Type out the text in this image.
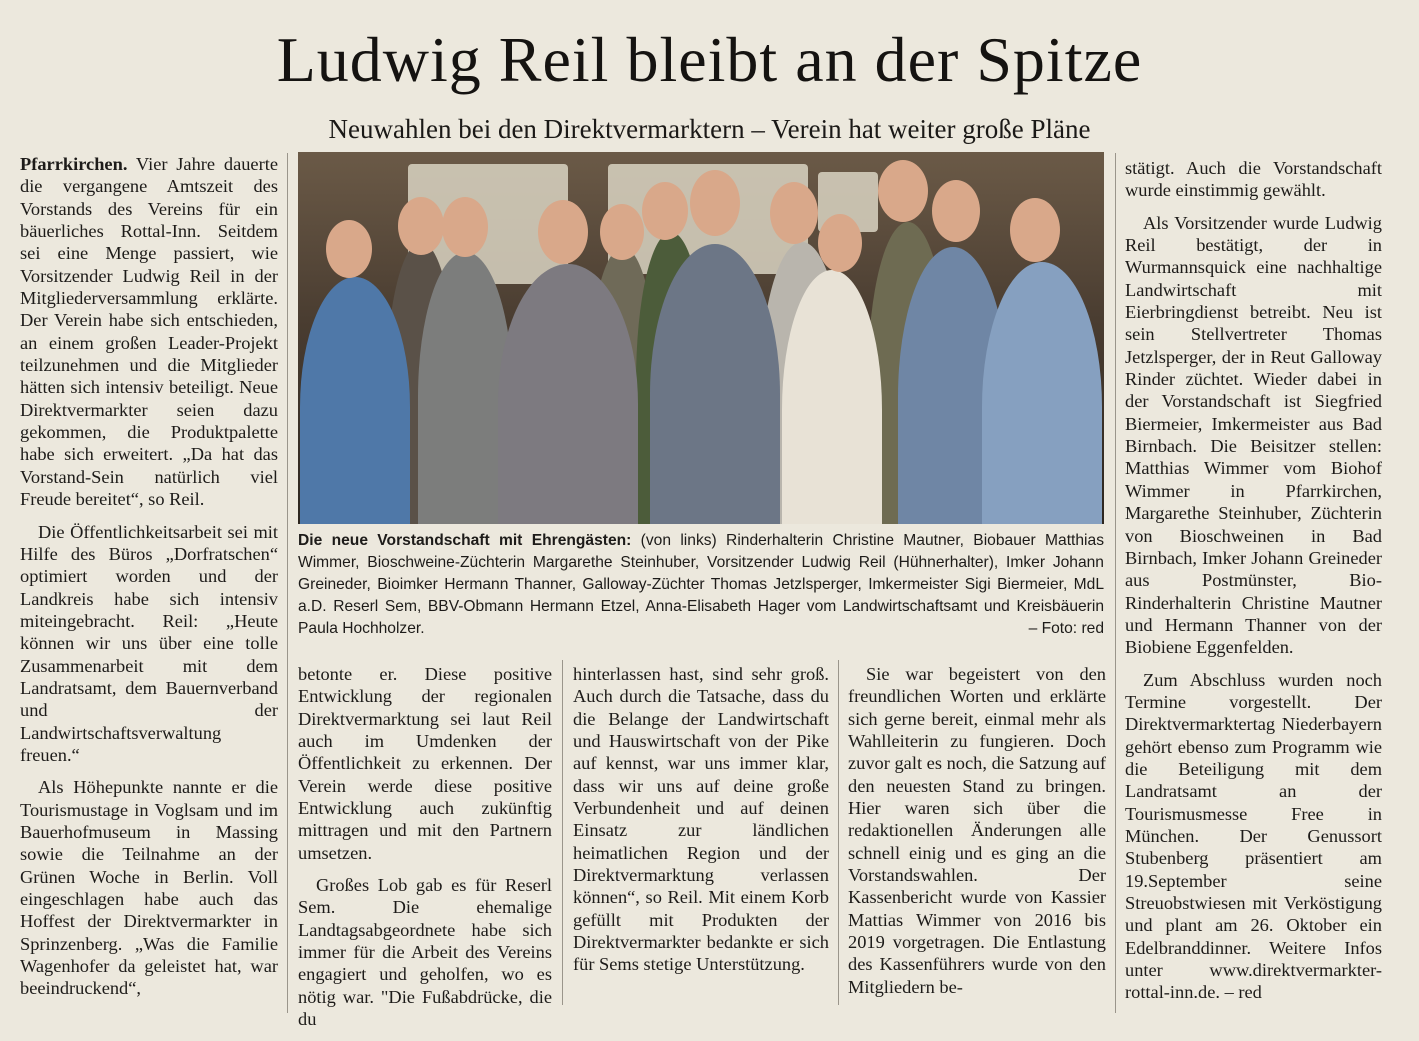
Ludwig Reil bleibt an der Spitze
Neuwahlen bei den Direktvermarktern – Verein hat weiter große Pläne

Pfarrkirchen. Vier Jahre dauerte die vergangene Amtszeit des Vorstands des Vereins für ein bäuerliches Rottal-Inn. Seitdem sei eine Menge passiert, wie Vorsitzender Ludwig Reil in der Mitgliederversammlung erklärte. Der Verein habe sich entschieden, an einem großen Leader-Projekt teilzunehmen und die Mitglieder hätten sich intensiv beteiligt. Neue Direktvermarkter seien dazu gekommen, die Produktpalette habe sich erweitert. „Da hat das Vorstand-Sein natürlich viel Freude bereitet“, so Reil.

Die Öffentlichkeitsarbeit sei mit Hilfe des Büros „Dorfratschen“ optimiert worden und der Landkreis habe sich intensiv miteingebracht. Reil: „Heute können wir uns über eine tolle Zusammenarbeit mit dem Landratsamt, dem Bauernverband und der Landwirtschaftsverwaltung freuen.“

Als Höhepunkte nannte er die Tourismustage in Voglsam und im Bauerhofmuseum in Massing sowie die Teilnahme an der Grünen Woche in Berlin. Voll eingeschlagen habe auch das Hoffest der Direktvermarkter in Sprinzenberg. „Was die Familie Wagenhofer da geleistet hat, war beeindruckend“,

Die neue Vorstandschaft mit Ehrengästen: (von links) Rinderhalterin Christine Mautner, Biobauer Matthias Wimmer, Bioschweine-Züchterin Margarethe Steinhuber, Vorsitzender Ludwig Reil (Hühnerhalter), Imker Johann Greineder, Bioimker Hermann Thanner, Galloway-Züchter Thomas Jetzlsperger, Imkermeister Sigi Biermeier, MdL a.D. Reserl Sem, BBV-Obmann Hermann Etzel, Anna-Elisabeth Hager vom Landwirtschaftsamt und Kreisbäuerin Paula Hochholzer.	– Foto: red

betonte er. Diese positive Entwicklung der regionalen Direktvermarktung sei laut Reil auch im Umdenken der Öffentlichkeit zu erkennen. Der Verein werde diese positive Entwicklung auch zukünftig mittragen und mit den Partnern umsetzen.

Großes Lob gab es für Reserl Sem. Die ehemalige Landtagsabgeordnete habe sich immer für die Arbeit des Vereins engagiert und geholfen, wo es nötig war. "Die Fußabdrücke, die du

hinterlassen hast, sind sehr groß. Auch durch die Tatsache, dass du die Belange der Landwirtschaft und Hauswirtschaft von der Pike auf kennst, war uns immer klar, dass wir uns auf deine große Verbundenheit und auf deinen Einsatz zur ländlichen heimatlichen Region und der Direktvermarktung verlassen können“, so Reil. Mit einem Korb gefüllt mit Produkten der Direktvermarkter bedankte er sich für Sems stetige Unterstützung.

Sie war begeistert von den freundlichen Worten und erklärte sich gerne bereit, einmal mehr als Wahlleiterin zu fungieren. Doch zuvor galt es noch, die Satzung auf den neuesten Stand zu bringen. Hier waren sich über die redaktionellen Änderungen alle schnell einig und es ging an die Vorstandswahlen. Der Kassenbericht wurde von Kassier Mattias Wimmer von 2016 bis 2019 vorgetragen. Die Entlastung des Kassenführers wurde von den Mitgliedern be-

stätigt. Auch die Vorstandschaft wurde einstimmig gewählt.

Als Vorsitzender wurde Ludwig Reil bestätigt, der in Wurmannsquick eine nachhaltige Landwirtschaft mit Eierbringdienst betreibt. Neu ist sein Stellvertreter Thomas Jetzlsperger, der in Reut Galloway Rinder züchtet. Wieder dabei in der Vorstandschaft ist Siegfried Biermeier, Imkermeister aus Bad Birnbach. Die Beisitzer stellen: Matthias Wimmer vom Biohof Wimmer in Pfarrkirchen, Margarethe Steinhuber, Züchterin von Bioschweinen in Bad Birnbach, Imker Johann Greineder aus Postmünster, Bio-Rinderhalterin Christine Mautner und Hermann Thanner von der Biobiene Eggenfelden.

Zum Abschluss wurden noch Termine vorgestellt. Der Direktvermarktertag Niederbayern gehört ebenso zum Programm wie die Beteiligung mit dem Landratsamt an der Tourismusmesse Free in München. Der Genussort Stubenberg präsentiert am 19.September seine Streuobstwiesen mit Verköstigung und plant am 26. Oktober ein Edelbranddinner. Weitere Infos unter www.direktvermarkter-rottal-inn.de. – red
